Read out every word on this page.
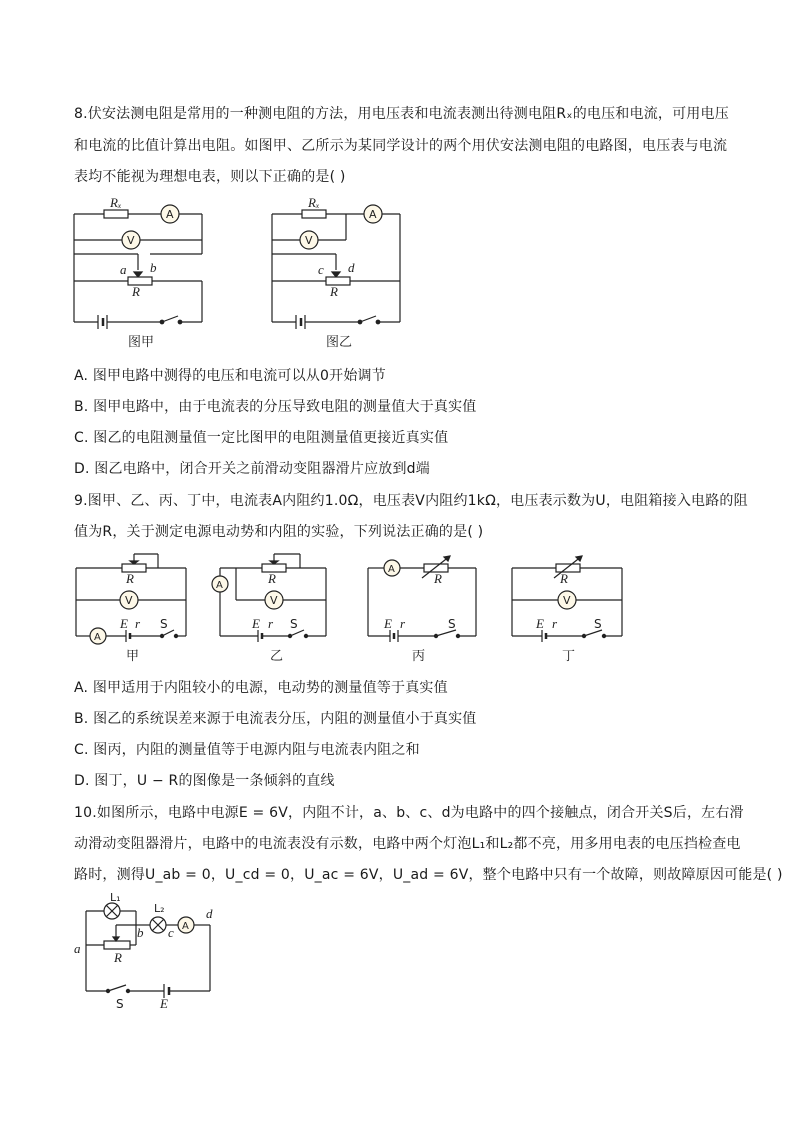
8.伏安法测电阻是常用的一种测电阻的方法，用电压表和电流表测出待测电阻Rₓ的电压和电流，可用电压
和电流的比值计算出电阻。如图甲、乙所示为某同学设计的两个用伏安法测电阻的电路图，电压表与电流
表均不能视为理想电表，则以下正确的是( )
Rₓ
A
V
a b
R
图甲
Rₓ
A
V
c d
R
图乙
A. 图甲电路中测得的电压和电流可以从0开始调节
B. 图甲电路中，由于电流表的分压导致电阻的测量值大于真实值
C. 图乙的电阻测量值一定比图甲的电阻测量值更接近真实值
D. 图乙电路中，闭合开关之前滑动变阻器滑片应放到d端
9.图甲、乙、丙、丁中，电流表A内阻约1.0Ω，电压表V内阻约1kΩ，电压表示数为U，电阻箱接入电路的阻
值为R，关于测定电源电动势和内阻的实验，下列说法正确的是( )
R
V
A
E r S
甲
A	R
V
E r S
乙
A
R
E r	S
丙
R
V
E r	S
丁
A. 图甲适用于内阻较小的电源，电动势的测量值等于真实值
B. 图乙的系统误差来源于电流表分压，内阻的测量值小于真实值
C. 图丙，内阻的测量值等于电源内阻与电流表内阻之和
D. 图丁，U − R的图像是一条倾斜的直线
10.如图所示，电路中电源E = 6V，内阻不计，a、b、c、d为电路中的四个接触点，闭合开关S后，左右滑
动滑动变阻器滑片，电路中的电流表没有示数，电路中两个灯泡L₁和L₂都不亮，用多用电表的电压挡检查电
路时，测得U_ab = 0，U_cd = 0，U_ac = 6V，U_ad = 6V，整个电路中只有一个故障，则故障原因可能是( )
L₁
R
a
b
L₂
c A
d
S	E
